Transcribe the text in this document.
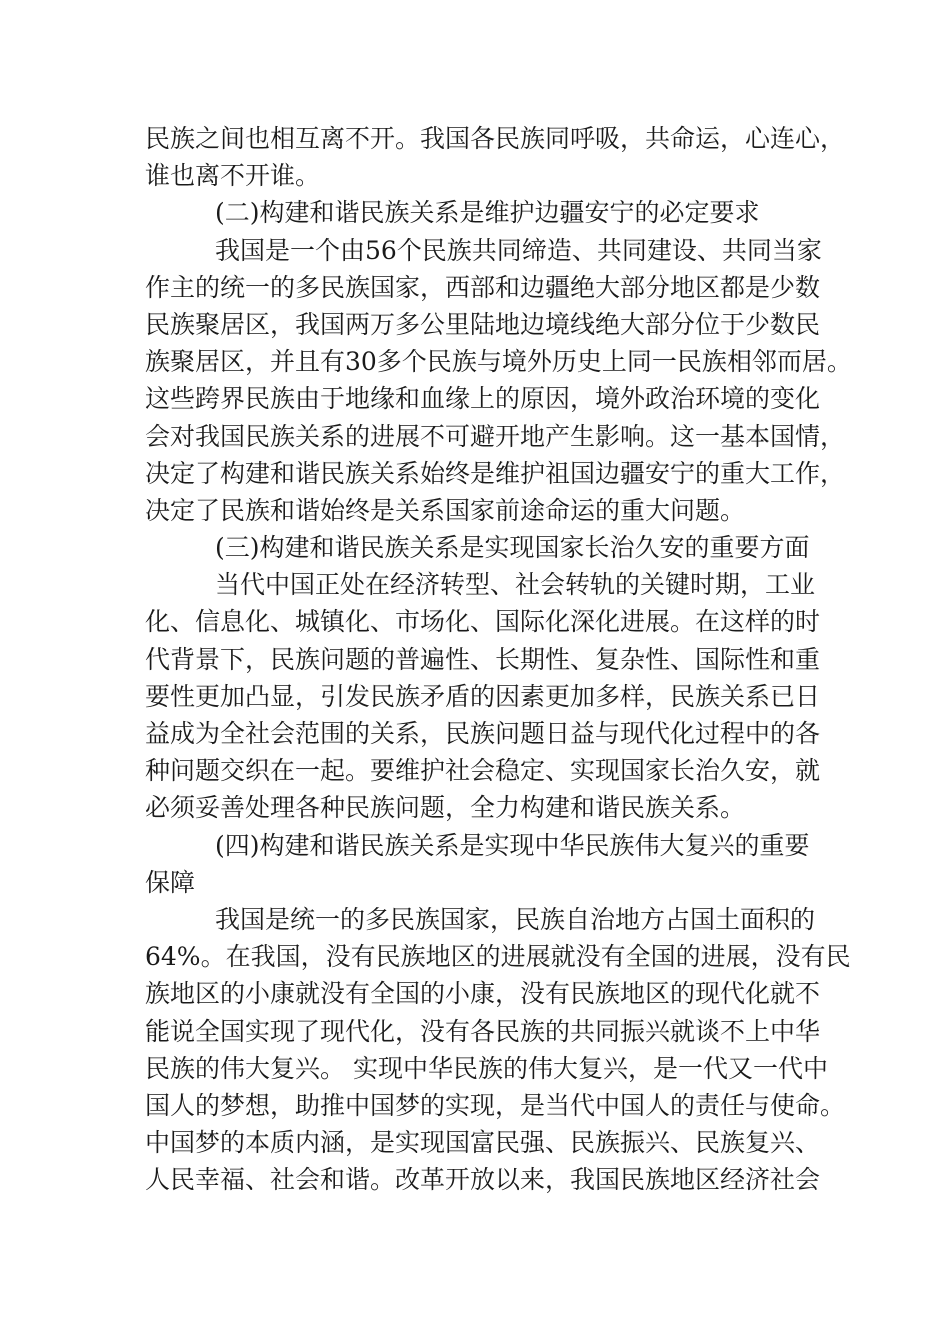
民族之间也相互离不开。我国各民族同呼吸，共命运，心连心，
谁也离不开谁。
(二)构建和谐民族关系是维护边疆安宁的必定要求
我国是一个由56个民族共同缔造、共同建设、共同当家
作主的统一的多民族国家，西部和边疆绝大部分地区都是少数
民族聚居区，我国两万多公里陆地边境线绝大部分位于少数民
族聚居区，并且有30多个民族与境外历史上同一民族相邻而居。
这些跨界民族由于地缘和血缘上的原因，境外政治环境的变化
会对我国民族关系的进展不可避开地产生影响。这一基本国情，
决定了构建和谐民族关系始终是维护祖国边疆安宁的重大工作，
决定了民族和谐始终是关系国家前途命运的重大问题。
(三)构建和谐民族关系是实现国家长治久安的重要方面
当代中国正处在经济转型、社会转轨的关键时期，工业
化、信息化、城镇化、市场化、国际化深化进展。在这样的时
代背景下，民族问题的普遍性、长期性、复杂性、国际性和重
要性更加凸显，引发民族矛盾的因素更加多样，民族关系已日
益成为全社会范围的关系，民族问题日益与现代化过程中的各
种问题交织在一起。要维护社会稳定、实现国家长治久安，就
必须妥善处理各种民族问题，全力构建和谐民族关系。
(四)构建和谐民族关系是实现中华民族伟大复兴的重要
保障
我国是统一的多民族国家，民族自治地方占国土面积的
64%。在我国，没有民族地区的进展就没有全国的进展，没有民
族地区的小康就没有全国的小康，没有民族地区的现代化就不
能说全国实现了现代化，没有各民族的共同振兴就谈不上中华
民族的伟大复兴。 实现中华民族的伟大复兴，是一代又一代中
国人的梦想，助推中国梦的实现，是当代中国人的责任与使命。
中国梦的本质内涵，是实现国富民强、民族振兴、民族复兴、
人民幸福、社会和谐。改革开放以来，我国民族地区经济社会
